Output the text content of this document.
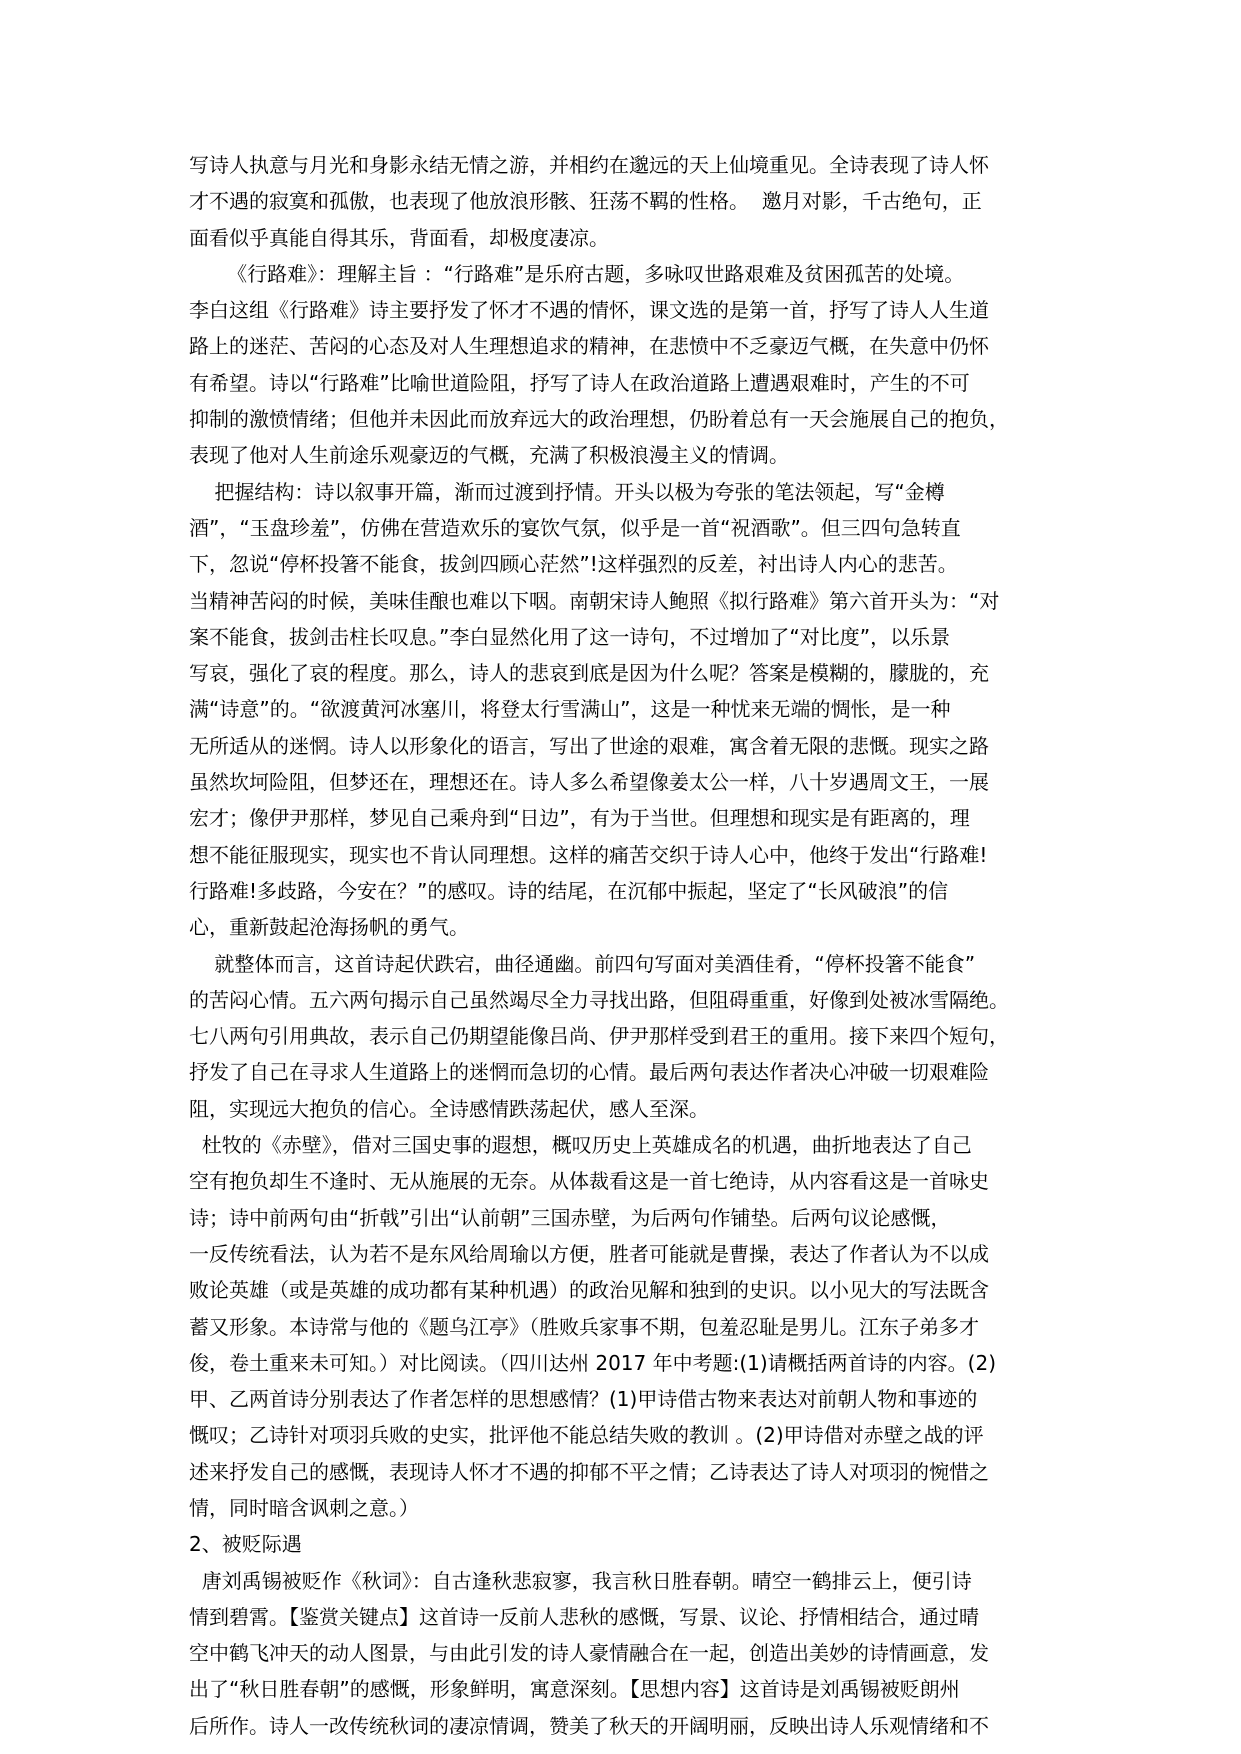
写诗人执意与月光和身影永结无情之游，并相约在邈远的天上仙境重见。全诗表现了诗人怀
才不遇的寂寞和孤傲，也表现了他放浪形骸、狂荡不羁的性格。  邀月对影，千古绝句，正
面看似乎真能自得其乐，背面看，却极度凄凉。
《行路难》：理解主旨 ：“行路难”是乐府古题，多咏叹世路艰难及贫困孤苦的处境。
李白这组《行路难》诗主要抒发了怀才不遇的情怀，课文选的是第一首，抒写了诗人人生道
路上的迷茫、苦闷的心态及对人生理想追求的精神，在悲愤中不乏豪迈气概，在失意中仍怀
有希望。诗以“行路难”比喻世道险阻，抒写了诗人在政治道路上遭遇艰难时，产生的不可
抑制的激愤情绪；但他并未因此而放弃远大的政治理想，仍盼着总有一天会施展自己的抱负，
表现了他对人生前途乐观豪迈的气概，充满了积极浪漫主义的情调。
把握结构：诗以叙事开篇，渐而过渡到抒情。开头以极为夸张的笔法领起，写“金樽
酒”，“玉盘珍羞”，仿佛在营造欢乐的宴饮气氛，似乎是一首“祝酒歌”。但三四句急转直
下，忽说“停杯投箸不能食，拔剑四顾心茫然”!这样强烈的反差，衬出诗人内心的悲苦。
当精神苦闷的时候，美味佳酿也难以下咽。南朝宋诗人鲍照《拟行路难》第六首开头为：“对
案不能食，拔剑击柱长叹息。”李白显然化用了这一诗句，不过增加了“对比度”，以乐景
写哀，强化了哀的程度。那么，诗人的悲哀到底是因为什么呢？答案是模糊的，朦胧的，充
满“诗意”的。“欲渡黄河冰塞川，将登太行雪满山”，这是一种忧来无端的惆怅，是一种
无所适从的迷惘。诗人以形象化的语言，写出了世途的艰难，寓含着无限的悲慨。现实之路
虽然坎坷险阻，但梦还在，理想还在。诗人多么希望像姜太公一样，八十岁遇周文王，一展
宏才；像伊尹那样，梦见自己乘舟到“日边”，有为于当世。但理想和现实是有距离的，理
想不能征服现实，现实也不肯认同理想。这样的痛苦交织于诗人心中，他终于发出“行路难!
行路难!多歧路，今安在？”的感叹。诗的结尾，在沉郁中振起，坚定了“长风破浪”的信
心，重新鼓起沧海扬帆的勇气。
就整体而言，这首诗起伏跌宕，曲径通幽。前四句写面对美酒佳肴，“停杯投箸不能食”
的苦闷心情。五六两句揭示自己虽然竭尽全力寻找出路，但阻碍重重，好像到处被冰雪隔绝。
七八两句引用典故，表示自己仍期望能像吕尚、伊尹那样受到君王的重用。接下来四个短句，
抒发了自己在寻求人生道路上的迷惘而急切的心情。最后两句表达作者决心冲破一切艰难险
阻，实现远大抱负的信心。全诗感情跌荡起伏，感人至深。
杜牧的《赤壁》，借对三国史事的遐想，概叹历史上英雄成名的机遇，曲折地表达了自己
空有抱负却生不逢时、无从施展的无奈。从体裁看这是一首七绝诗，从内容看这是一首咏史
诗；诗中前两句由“折戟”引出“认前朝”三国赤壁，为后两句作铺垫。后两句议论感慨，
一反传统看法，认为若不是东风给周瑜以方便，胜者可能就是曹操，表达了作者认为不以成
败论英雄（或是英雄的成功都有某种机遇）的政治见解和独到的史识。以小见大的写法既含
蓄又形象。本诗常与他的《题乌江亭》（胜败兵家事不期，包羞忍耻是男儿。江东子弟多才
俊，卷土重来未可知。）对比阅读。（四川达州 2017 年中考题:(1)请概括两首诗的内容。(2)
甲、乙两首诗分别表达了作者怎样的思想感情？(1)甲诗借古物来表达对前朝人物和事迹的
慨叹；乙诗针对项羽兵败的史实，批评他不能总结失败的教训 。(2)甲诗借对赤壁之战的评
述来抒发自己的感慨，表现诗人怀才不遇的抑郁不平之情；乙诗表达了诗人对项羽的惋惜之
情，同时暗含讽刺之意。）
2、被贬际遇
唐刘禹锡被贬作《秋词》：自古逢秋悲寂寥，我言秋日胜春朝。晴空一鹤排云上，便引诗
情到碧霄。【鉴赏关键点】这首诗一反前人悲秋的感慨，写景、议论、抒情相结合，通过晴
空中鹤飞冲天的动人图景，与由此引发的诗人豪情融合在一起，创造出美妙的诗情画意，发
出了“秋日胜春朝”的感慨，形象鲜明，寓意深刻。【思想内容】这首诗是刘禹锡被贬朗州
后所作。诗人一改传统秋词的凄凉情调，赞美了秋天的开阔明丽，反映出诗人乐观情绪和不
